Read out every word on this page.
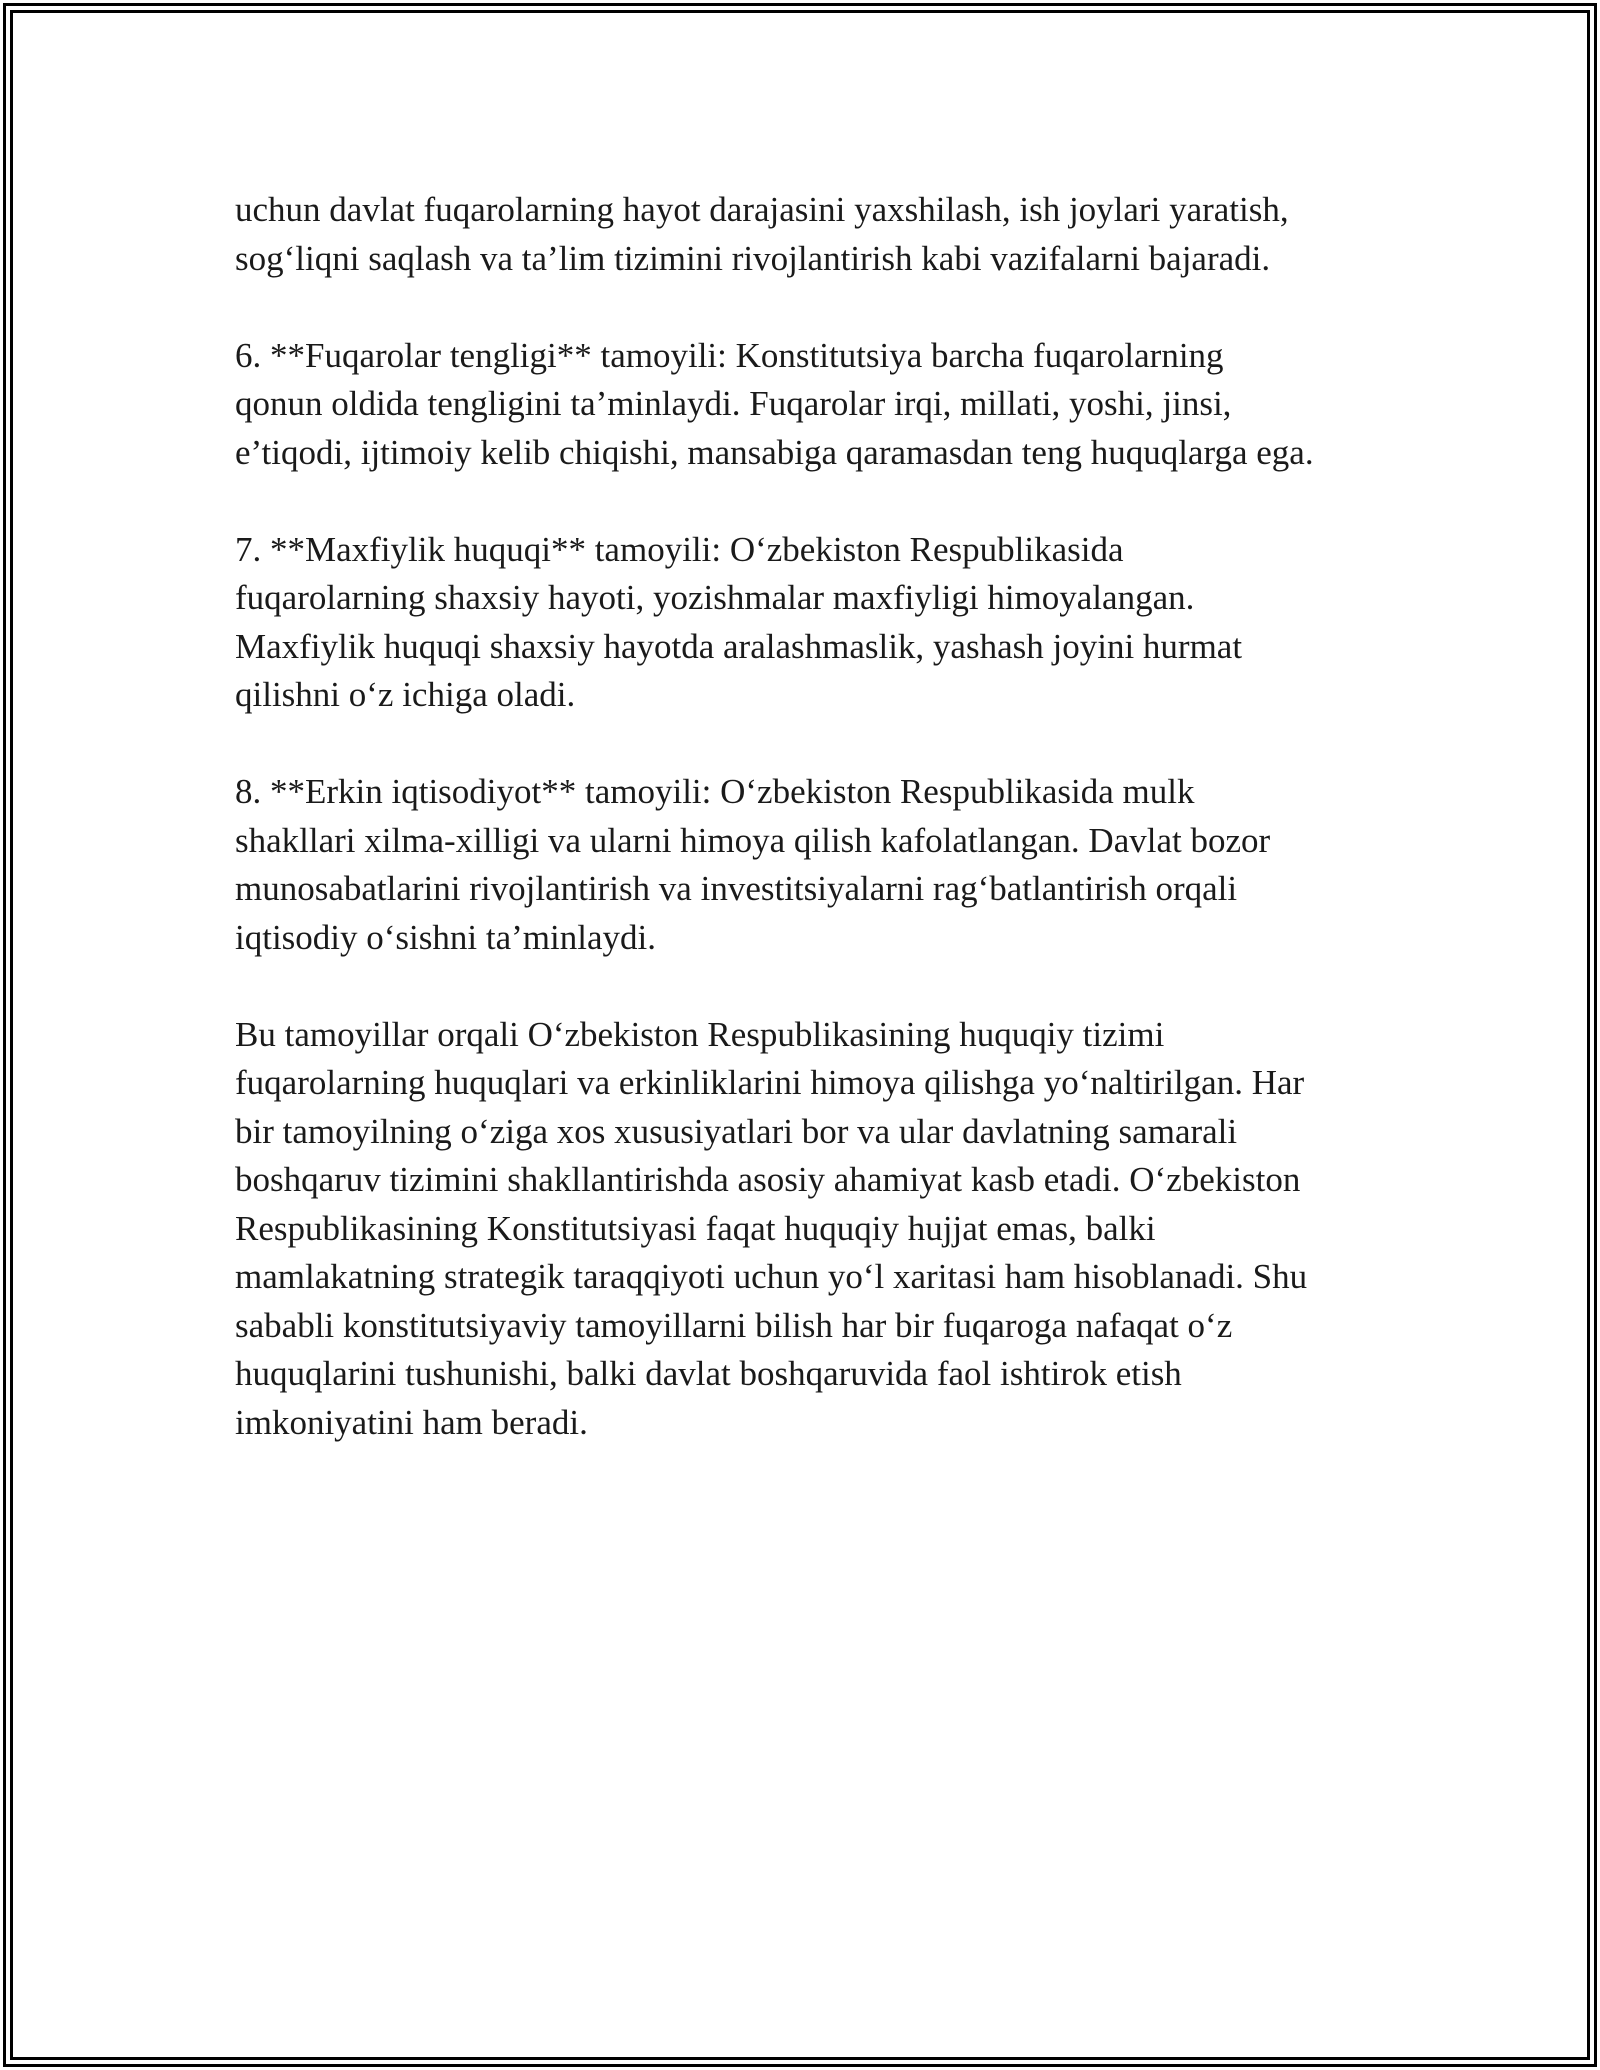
uchun davlat fuqarolarning hayot darajasini yaxshilash, ish joylari yaratish,
sog‘liqni saqlash va ta’lim tizimini rivojlantirish kabi vazifalarni bajaradi.
6. **Fuqarolar tengligi** tamoyili: Konstitutsiya barcha fuqarolarning
qonun oldida tengligini ta’minlaydi. Fuqarolar irqi, millati, yoshi, jinsi,
e’tiqodi, ijtimoiy kelib chiqishi, mansabiga qaramasdan teng huquqlarga ega.
7. **Maxfiylik huquqi** tamoyili: O‘zbekiston Respublikasida
fuqarolarning shaxsiy hayoti, yozishmalar maxfiyligi himoyalangan.
Maxfiylik huquqi shaxsiy hayotda aralashmaslik, yashash joyini hurmat
qilishni o‘z ichiga oladi.
8. **Erkin iqtisodiyot** tamoyili: O‘zbekiston Respublikasida mulk
shakllari xilma-xilligi va ularni himoya qilish kafolatlangan. Davlat bozor
munosabatlarini rivojlantirish va investitsiyalarni rag‘batlantirish orqali
iqtisodiy o‘sishni ta’minlaydi.
Bu tamoyillar orqali O‘zbekiston Respublikasining huquqiy tizimi
fuqarolarning huquqlari va erkinliklarini himoya qilishga yo‘naltirilgan. Har
bir tamoyilning o‘ziga xos xususiyatlari bor va ular davlatning samarali
boshqaruv tizimini shakllantirishda asosiy ahamiyat kasb etadi. O‘zbekiston
Respublikasining Konstitutsiyasi faqat huquqiy hujjat emas, balki
mamlakatning strategik taraqqiyoti uchun yo‘l xaritasi ham hisoblanadi. Shu
sababli konstitutsiyaviy tamoyillarni bilish har bir fuqaroga nafaqat o‘z
huquqlarini tushunishi, balki davlat boshqaruvida faol ishtirok etish
imkoniyatini ham beradi.
